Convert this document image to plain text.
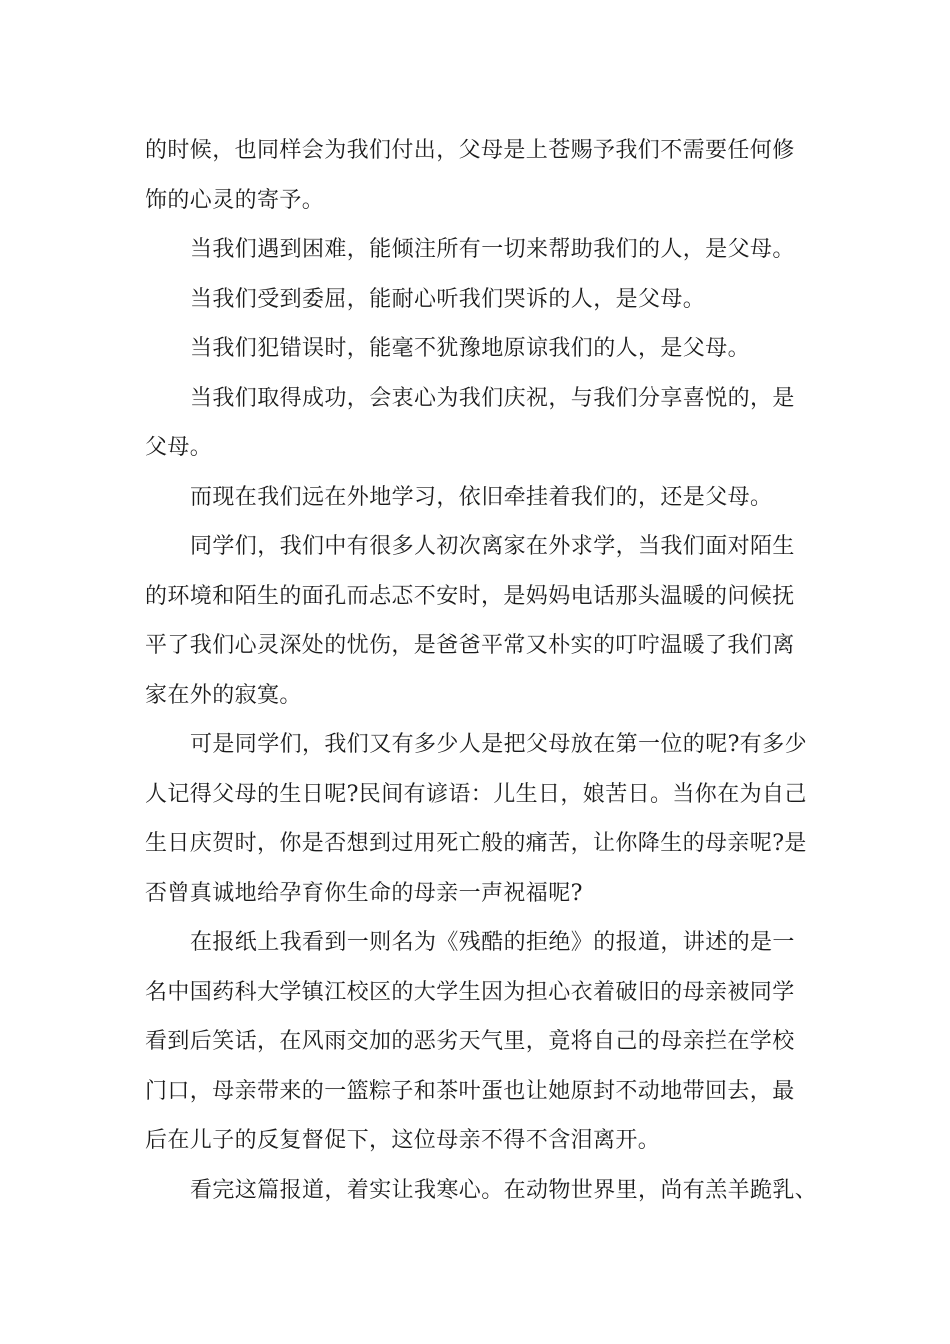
的时候，也同样会为我们付出，父母是上苍赐予我们不需要任何修
饰的心灵的寄予。
当我们遇到困难，能倾注所有一切来帮助我们的人，是父母。
当我们受到委屈，能耐心听我们哭诉的人，是父母。
当我们犯错误时，能毫不犹豫地原谅我们的人，是父母。
当我们取得成功，会衷心为我们庆祝，与我们分享喜悦的，是
父母。
而现在我们远在外地学习，依旧牵挂着我们的，还是父母。
同学们，我们中有很多人初次离家在外求学，当我们面对陌生
的环境和陌生的面孔而忐忑不安时，是妈妈电话那头温暖的问候抚
平了我们心灵深处的忧伤，是爸爸平常又朴实的叮咛温暖了我们离
家在外的寂寞。
可是同学们，我们又有多少人是把父母放在第一位的呢?有多少
人记得父母的生日呢?民间有谚语：儿生日，娘苦日。当你在为自己
生日庆贺时，你是否想到过用死亡般的痛苦，让你降生的母亲呢?是
否曾真诚地给孕育你生命的母亲一声祝福呢?
在报纸上我看到一则名为《残酷的拒绝》的报道，讲述的是一
名中国药科大学镇江校区的大学生因为担心衣着破旧的母亲被同学
看到后笑话，在风雨交加的恶劣天气里，竟将自己的母亲拦在学校
门口，母亲带来的一篮粽子和茶叶蛋也让她原封不动地带回去，最
后在儿子的反复督促下，这位母亲不得不含泪离开。
看完这篇报道，着实让我寒心。在动物世界里，尚有羔羊跪乳、
